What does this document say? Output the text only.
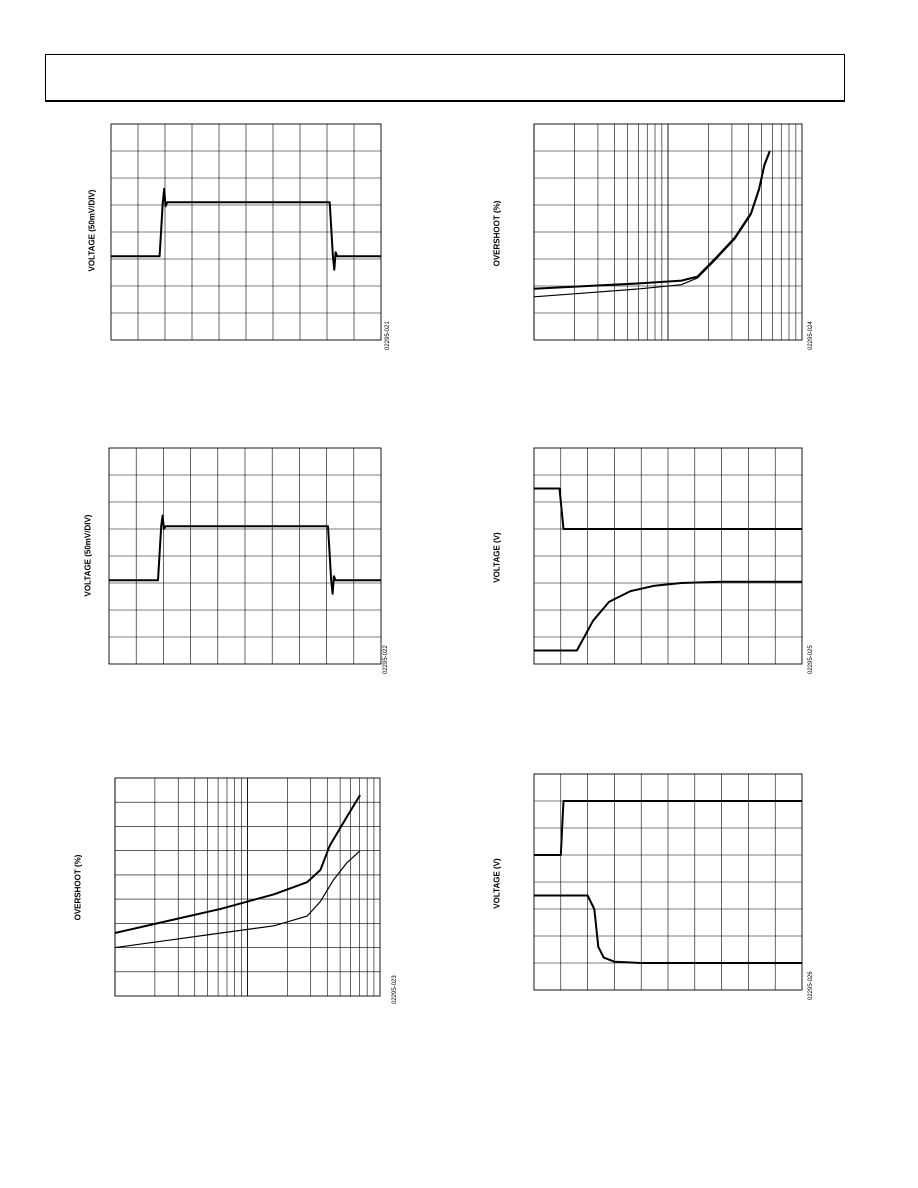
VOLTAGE (50mV/DIV)
02295-021
VOLTAGE (50mV/DIV)
02295-022
OVERSHOOT (%)
02295-023
OVERSHOOT (%)
02295-024
VOLTAGE (V)
02295-025
VOLTAGE (V)
02295-026
